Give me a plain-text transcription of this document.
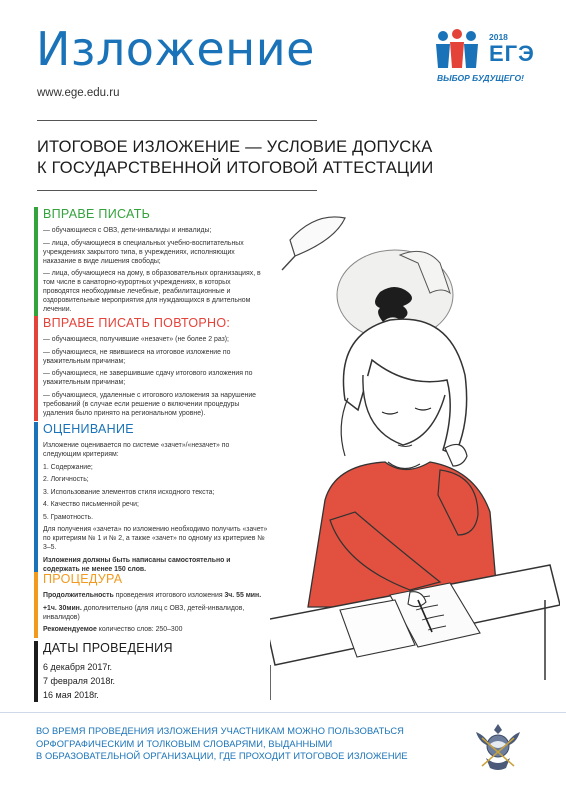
Изложение
www.ege.edu.ru
2018
ЕГЭ
ВЫБОР БУДУЩЕГО!
ИТОГОВОЕ ИЗЛОЖЕНИЕ — УСЛОВИЕ ДОПУСКА
К ГОСУДАРСТВЕННОЙ ИТОГОВОЙ АТТЕСТАЦИИ
ВПРАВЕ ПИСАТЬ

— обучающиеся с ОВЗ, дети-инвалиды и инвалиды;

— лица, обучающиеся в специальных учебно-воспитательных учреждениях закрытого типа, в учреждениях, исполняющих наказание в виде лишения свободы;

— лица, обучающиеся на дому, в образовательных организациях, в том числе в санаторно-курортных учреждениях, в которых проводятся необходимые лечебные, реабилитационные и оздоровительные мероприятия для нуждающихся в длительном лечении.

ВПРАВЕ ПИСАТЬ ПОВТОРНО:

— обучающиеся, получившие «незачет» (не более 2 раз);

— обучающиеся, не явившиеся на итоговое изложение по уважительным причинам;

— обучающиеся, не завершившие сдачу итогового изложения по уважительным причинам;

— обучающиеся, удаленные с итогового изложения за нарушение требований (в случае если решение о включении процедуры удаления было принято на региональном уровне).

ОЦЕНИВАНИЕ

Изложение оценивается по системе «зачет»/«незачет» по следующим критериям:

1. Содержание;
2. Логичность;
3. Использование элементов стиля исходного текста;
4. Качество письменной речи;
5. Грамотность.

Для получения «зачета» по изложению необходимо получить «зачет» по критериям № 1 и № 2, а также «зачет» по одному из критериев № 3–5.

Изложения должны быть написаны самостоятельно и содержать не менее 150 слов.

ПРОЦЕДУРА

Продолжительность проведения итогового изложения 3ч. 55 мин.

+1ч. 30мин. дополнительно (для лиц с ОВЗ, детей-инвалидов, инвалидов)

Рекомендуемое количество слов: 250–300

ДАТЫ ПРОВЕДЕНИЯ

6 декабря 2017г.

7 февраля 2018г.

16 мая 2018г.

ВО ВРЕМЯ ПРОВЕДЕНИЯ ИЗЛОЖЕНИЯ УЧАСТНИКАМ МОЖНО ПОЛЬЗОВАТЬСЯ
ОРФОГРАФИЧЕСКИМ И ТОЛКОВЫМ СЛОВАРЯМИ, ВЫДАННЫМИ
В ОБРАЗОВАТЕЛЬНОЙ ОРГАНИЗАЦИИ, ГДЕ ПРОХОДИТ ИТОГОВОЕ ИЗЛОЖЕНИЕ
